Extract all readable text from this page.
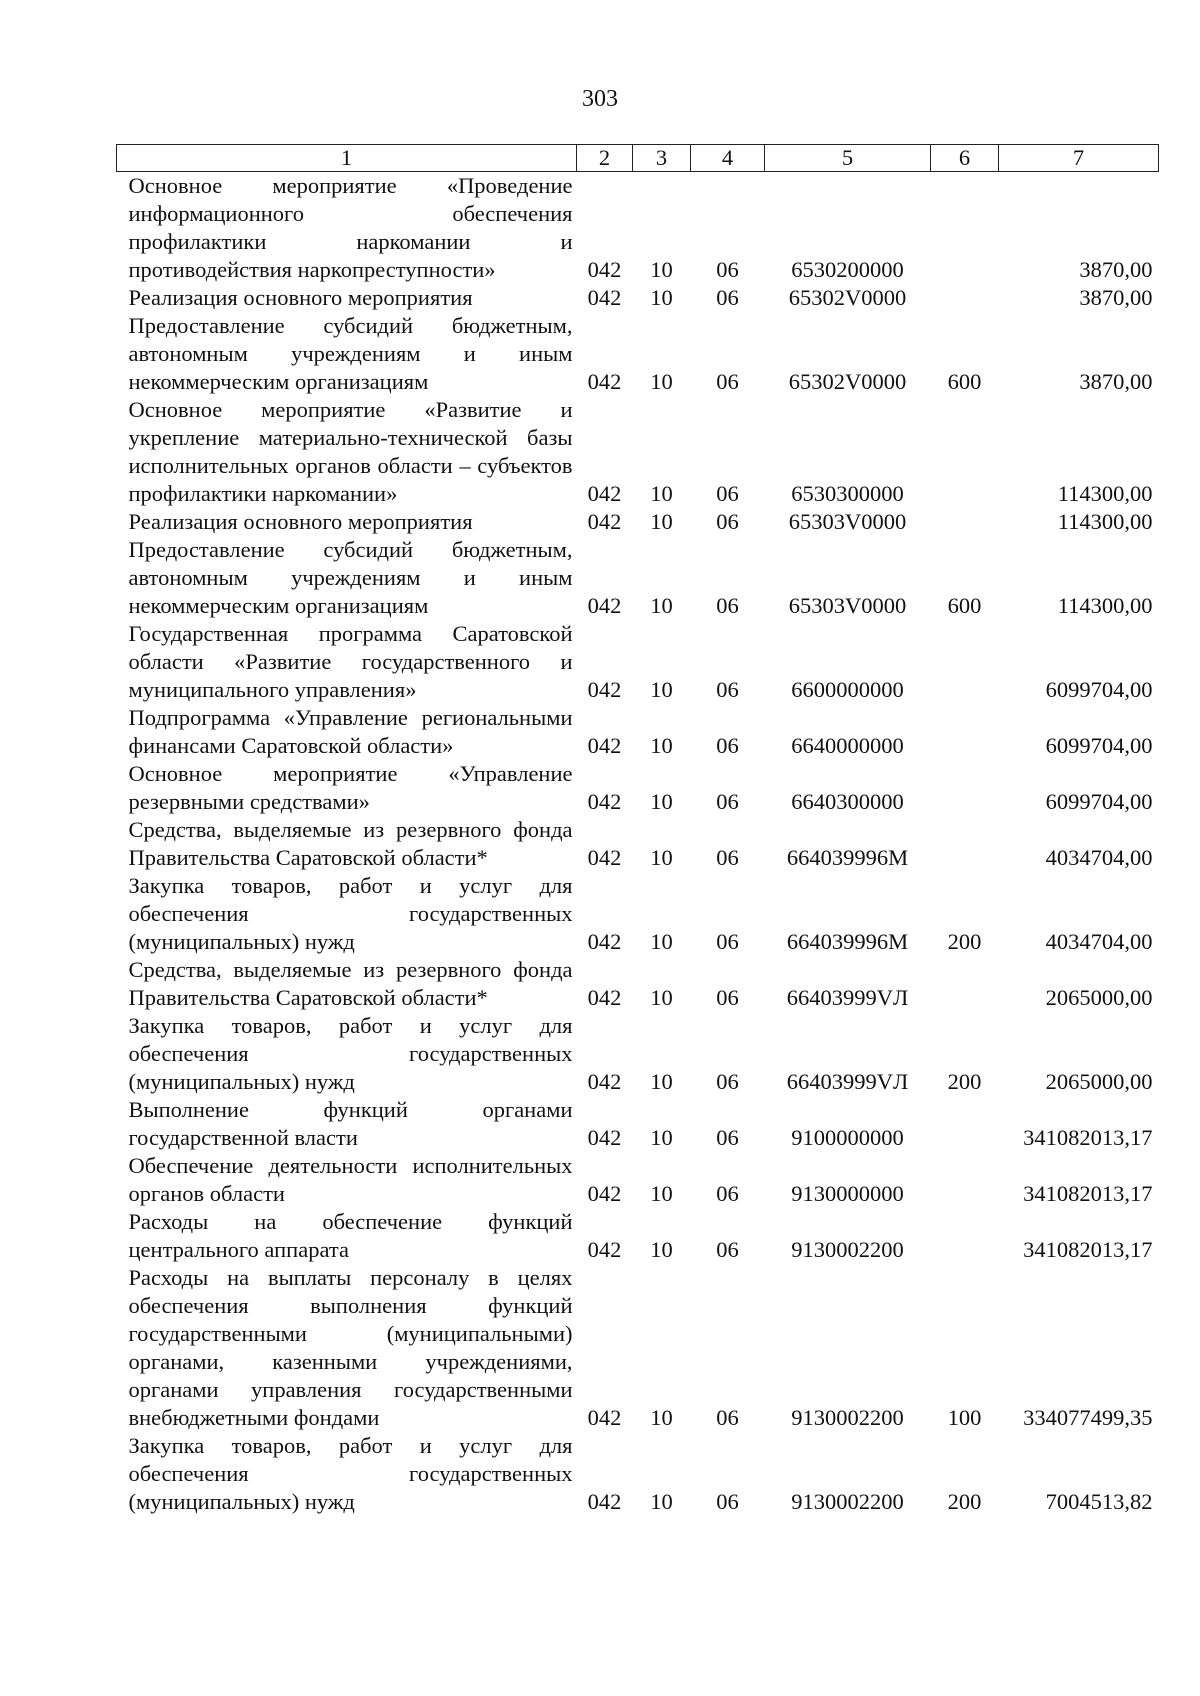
303
1	2	3	4	5	6	7
Основное мероприятие «Проведение информационного обеспечения профилактики наркомании и противодействия наркопреступности»	042	10	06	6530200000		3870,00
Реализация основного мероприятия	042	10	06	65302V0000		3870,00
Предоставление субсидий бюджетным, автономным учреждениям и иным некоммерческим организациям	042	10	06	65302V0000	600	3870,00
Основное мероприятие «Развитие и укрепление материально-технической базы исполнительных органов области – субъектов профилактики наркомании»	042	10	06	6530300000		114300,00
Реализация основного мероприятия	042	10	06	65303V0000		114300,00
Предоставление субсидий бюджетным, автономным учреждениям и иным некоммерческим организациям	042	10	06	65303V0000	600	114300,00
Государственная программа Саратовской области «Развитие государственного и муниципального управления»	042	10	06	6600000000		6099704,00
Подпрограмма «Управление региональными финансами Саратовской области»	042	10	06	6640000000		6099704,00
Основное мероприятие «Управление резервными средствами»	042	10	06	6640300000		6099704,00
Средства, выделяемые из резервного фонда Правительства Саратовской области*	042	10	06	664039996М		4034704,00
Закупка товаров, работ и услуг для обеспечения государственных (муниципальных) нужд	042	10	06	664039996М	200	4034704,00
Средства, выделяемые из резервного фонда Правительства Саратовской области*	042	10	06	66403999VЛ		2065000,00
Закупка товаров, работ и услуг для обеспечения государственных (муниципальных) нужд	042	10	06	66403999VЛ	200	2065000,00
Выполнение функций органами государственной власти	042	10	06	9100000000		341082013,17
Обеспечение деятельности исполнительных органов области	042	10	06	9130000000		341082013,17
Расходы на обеспечение функций центрального аппарата	042	10	06	9130002200		341082013,17
Расходы на выплаты персоналу в целях обеспечения выполнения функций государственными (муниципальными) органами, казенными учреждениями, органами управления государственными внебюджетными фондами	042	10	06	9130002200	100	334077499,35
Закупка товаров, работ и услуг для обеспечения государственных (муниципальных) нужд	042	10	06	9130002200	200	7004513,82
